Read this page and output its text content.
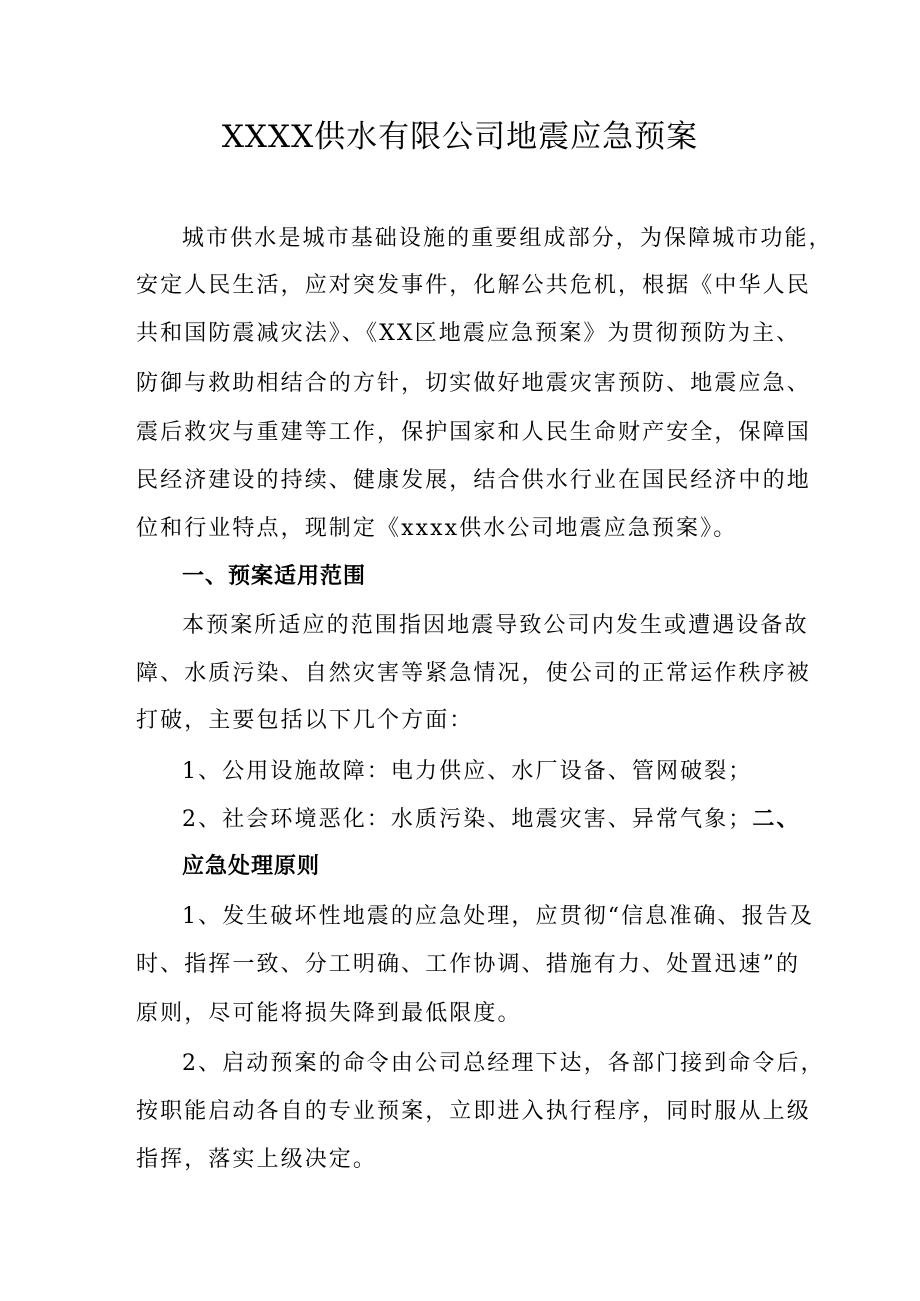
XXXX供水有限公司地震应急预案
城市供水是城市基础设施的重要组成部分，为保障城市功能，
安定人民生活，应对突发事件，化解公共危机，根据《中华人民
共和国防震减灾法》、《XX区地震应急预案》为贯彻预防为主、
防御与救助相结合的方针，切实做好地震灾害预防、地震应急、
震后救灾与重建等工作，保护国家和人民生命财产安全，保障国
民经济建设的持续、健康发展，结合供水行业在国民经济中的地
位和行业特点，现制定《xxxx供水公司地震应急预案》。
一、预案适用范围
本预案所适应的范围指因地震导致公司内发生或遭遇设备故
障、水质污染、自然灾害等紧急情况，使公司的正常运作秩序被
打破，主要包括以下几个方面：
1、公用设施故障：电力供应、水厂设备、管网破裂；
2、社会环境恶化：水质污染、地震灾害、异常气象；二、
应急处理原则
1、发生破坏性地震的应急处理，应贯彻“信息准确、报告及
时、指挥一致、分工明确、工作协调、措施有力、处置迅速”的
原则，尽可能将损失降到最低限度。
2、启动预案的命令由公司总经理下达，各部门接到命令后，
按职能启动各自的专业预案，立即进入执行程序，同时服从上级
指挥，落实上级决定。
